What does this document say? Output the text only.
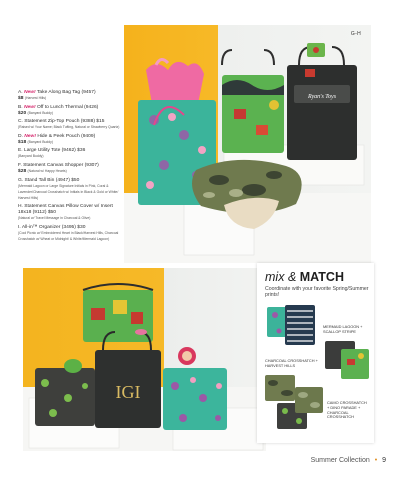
Ryan's Toys
G-H
A. New! Take Along Bag Tag (9457)
$8 (Harvest Hills)
B. New! Off to Lunch Thermal (9426)
$20 (Banyard Buddy)
C. Statement Zip-Top Pouch (9388) $15
(Raised w/ Your Name; Black Tufting, Natural or Strawberry Quartz)
D. New! Hide & Peek Pouch (9409)
$18 (Banyard Buddy)
E. Large Utility Tote (9462) $36
(Banyard Buddy)
F. Statement Canvas Shopper (9307)
$28 (Natural w/ Happy Hearts)
G. Stand Tall Bin (4947) $50
(Mermaid Lagoon or Large Signature Initials in Pink, Coral & Lavender/Charcoal Crosshatch w/ Initials in Black & Gold or White/ Harvest Hills)
H. Statement Canvas Pillow Cover w/ Insert 18x18 (9112) $50
(Natural w/ Travel Message in Charcoal & Olive)
I. All-in™ Organizer (3495) $30
(Cool Picnic w/ Embroidered Heart in Black/Harvest Hills, Charcoal Crosshatch w/ Wheat or Midnight/ & White/Mermaid Lagoon)
IGI
mix & MATCH
Coordinate with your favorite Spring/Summer prints!
MERMAID LAGOON + SCALLOP STRIPE
CHARCOAL CROSSHATCH + HARVEST HILLS
CAMO CROSSHATCH + DINO PARADE + CHARCOAL CROSSHATCH
Summer Collection • 9
